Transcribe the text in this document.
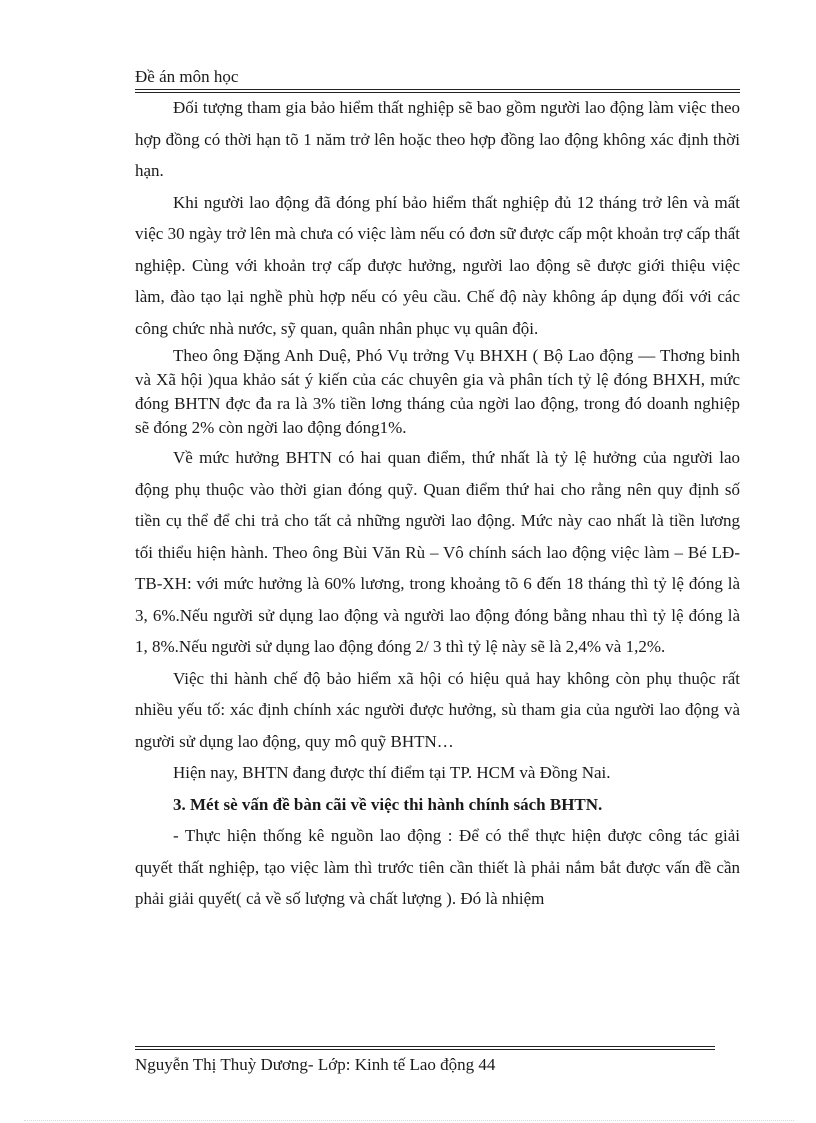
Đề án môn học

Đối tượng tham gia bảo hiểm thất nghiệp sẽ bao gồm người lao động làm việc theo hợp đồng có thời hạn tõ 1 năm trở lên hoặc theo hợp đồng lao động không xác định thời hạn.

Khi người lao động đã đóng phí bảo hiểm thất nghiệp đủ 12 tháng trở lên và mất việc 30 ngày trở lên mà chưa có việc làm nếu có đơn sữ được cấp một khoản trợ cấp thất nghiệp. Cùng với khoản trợ cấp được hưởng, người lao động sẽ được giới thiệu việc làm, đào tạo lại nghề phù hợp nếu có yêu cầu. Chế độ này không áp dụng đối với các công chức nhà nước, sỹ quan, quân nhân phục vụ quân đội.

Theo ông Đặng Anh Duệ, Phó Vụ trởng Vụ BHXH ( Bộ Lao động — Thơng binh và Xã hội )qua khảo sát ý kiến của các chuyên gia và phân tích tỷ lệ đóng BHXH, mức đóng BHTN đợc đa ra là 3% tiền lơng tháng của ngời lao động, trong đó doanh nghiệp sẽ đóng 2% còn ngời lao động đóng1%.

Về mức hưởng BHTN có hai quan điểm, thứ nhất là tỷ lệ hưởng của người lao động phụ thuộc vào thời gian đóng quỹ. Quan điểm thứ hai cho rằng nên quy định số tiền cụ thể để chi trả cho tất cả những người lao động. Mức này cao nhất là tiền lương tối thiểu hiện hành. Theo ông Bùi Văn Rù – Vô chính sách lao động việc làm – Bé LĐ-TB-XH: với mức hưởng là 60% lương, trong khoảng tõ 6 đến 18 tháng thì tỷ lệ đóng là 3, 6%.Nếu người sử dụng lao động và người lao động đóng bằng nhau thì tỷ lệ đóng là 1, 8%.Nếu người sử dụng lao động đóng 2/ 3 thì tỷ lệ này sẽ là 2,4% và 1,2%.

Việc thi hành chế độ bảo hiểm xã hội có hiệu quả hay không còn phụ thuộc rất nhiều yếu tố: xác định chính xác người được hưởng, sù tham gia của người lao động và người sử dụng lao động, quy mô quỹ BHTN…

Hiện nay, BHTN đang được thí điểm tại TP. HCM và Đồng Nai.

3. Mét sè vấn đề bàn cãi về việc thi hành chính sách BHTN.

- Thực hiện thống kê nguồn lao động : Để có thể thực hiện được công tác giải quyết thất nghiệp, tạo việc làm thì trước tiên cần thiết là phải nắm bắt được vấn đề cần phải giải quyết( cả về số lượng và chất lượng ). Đó là nhiệm

Nguyễn Thị Thuỳ Dương- Lớp: Kinh tế Lao động 44
